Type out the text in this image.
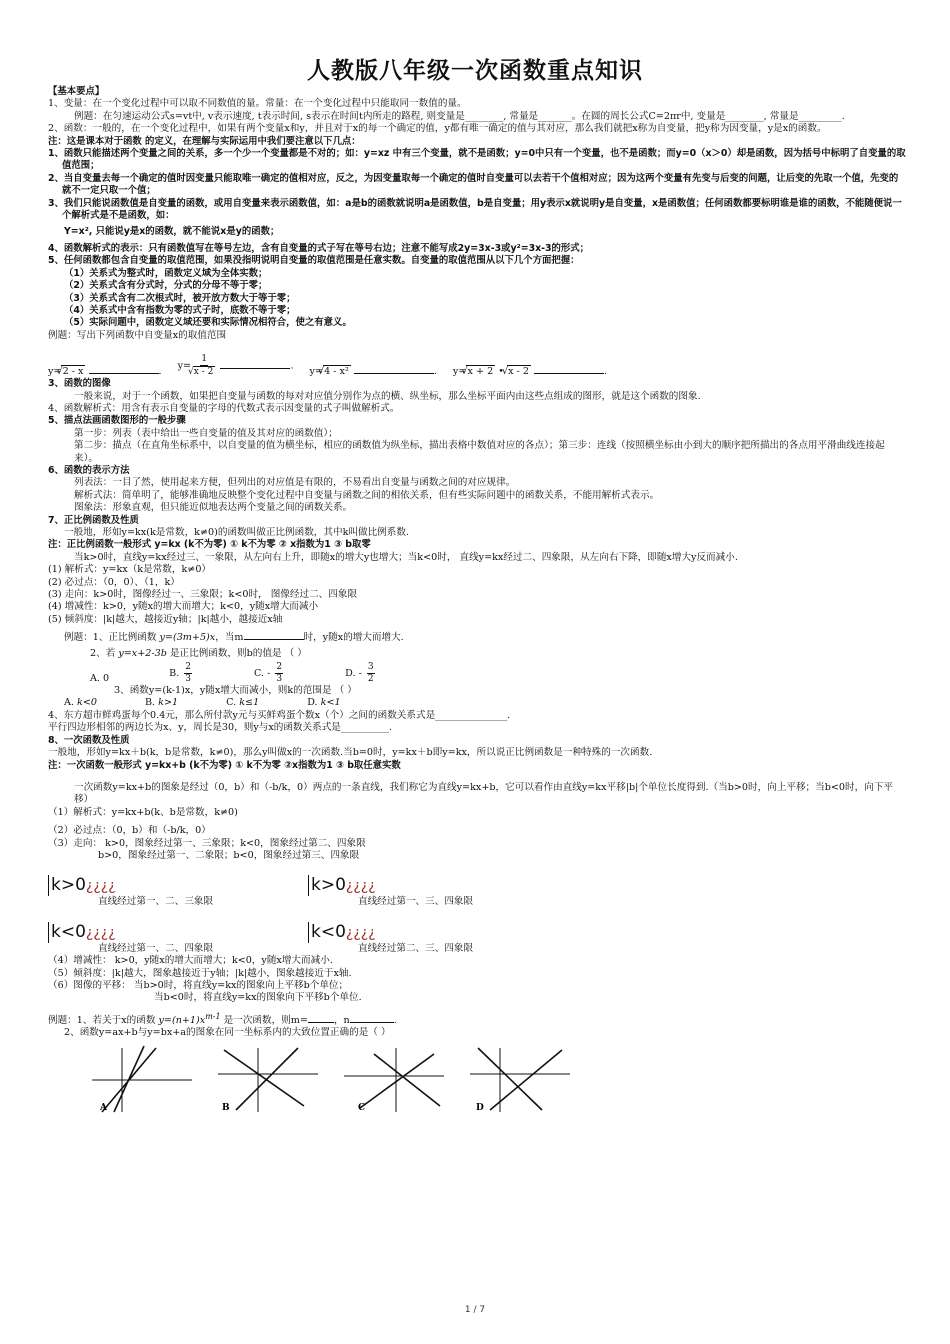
人教版八年级一次函数重点知识

【基本要点】

1、变量：在一个变化过程中可以取不同数值的量。常量：在一个变化过程中只能取同一数值的量。

例题：在匀速运动公式s=vt中, v表示速度, t表示时间, s表示在时间t内所走的路程, 则变量是________, 常量是_______。在圆的周长公式C=2πr中, 变量是________, 常量是_________.

2、函数：一般的，在一个变化过程中，如果有两个变量x和y，并且对于x的每一个确定的值，y都有唯一确定的值与其对应，那么我们就把x称为自变量，把y称为因变量，y是x的函数。

注：这是课本对于函数 的定义，在理解与实际运用中我们要注意以下几点：

1、函数只能描述两个变量之间的关系，多一个少一个变量都是不对的；如：y=xz 中有三个变量，就不是函数；y=0中只有一个变量，也不是函数；而y=0（x＞0）却是函数，因为括号中标明了自变量的取值范围；

2、当自变量去每一个确定的值时因变量只能取唯一确定的值相对应，反之，为因变量取每一个确定的值时自变量可以去若干个值相对应；因为这两个变量有先变与后变的问题，让后变的先取一个值，先变的就不一定只取一个值；

3、我们只能说函数值是自变量的函数，或用自变量来表示函数值，如：a是b的函数就说明a是函数值，b是自变量；用y表示x就说明y是自变量，x是函数值；任何函数都要标明谁是谁的函数，不能随便说一个解析式是不是函数，如：

Y=x², 只能说y是x的函数，就不能说x是y的函数；

4、函数解析式的表示：只有函数值写在等号左边，含有自变量的式子写在等号右边；注意不能写成2y=3x-3或y²=3x-3的形式；

5、任何函数都包含自变量的取值范围，如果没指明说明自变量的取值范围是任意实数。自变量的取值范围从以下几个方面把握：

（1）关系式为整式时，函数定义域为全体实数；

（2）关系式含有分式时，分式的分母不等于零；

（3）关系式含有二次根式时，被开放方数大于等于零；

（4）关系式中含有指数为零的式子时，底数不等于零；

（5）实际问题中，函数定义域还要和实际情况相符合，使之有意义。

例题：写出下列函数中自变量x的取值范围

y=√ 2 - x	. y= 1
√ x - 2	. y=√ 4 - x²	. y=√ x + 2 • √ x - 2	.

3、函数的图像

一般来说，对于一个函数，如果把自变量与函数的每对对应值分别作为点的横、纵坐标，那么坐标平面内由这些点组成的图形，就是这个函数的图象.

4、函数解析式：用含有表示自变量的字母的代数式表示因变量的式子叫做解析式。

5、描点法画函数图形的一般步骤

第一步：列表（表中给出一些自变量的值及其对应的函数值）；

第二步：描点（在直角坐标系中，以自变量的值为横坐标，相应的函数值为纵坐标，描出表格中数值对应的各点）；第三步：连线（按照横坐标由小到大的顺序把所描出的各点用平滑曲线连接起来）。

6、函数的表示方法

列表法：一目了然，使用起来方便，但列出的对应值是有限的，不易看出自变量与函数之间的对应规律。

解析式法：简单明了，能够准确地反映整个变化过程中自变量与函数之间的相依关系，但有些实际问题中的函数关系，不能用解析式表示。

图象法：形象直观，但只能近似地表达两个变量之间的函数关系。

7、正比例函数及性质

一般地，形如y=kx(k是常数，k≠0)的函数叫做正比例函数，其中k叫做比例系数.

注：正比例函数一般形式 y=kx (k不为零) ① k不为零 ② x指数为1 ③ b取零

当k>0时，直线y=kx经过三、一象限，从左向右上升，即随x的增大y也增大；当k<0时， 直线y=kx经过二、四象限，从左向右下降，即随x增大y反而减小.

(1) 解析式：y=kx（k是常数，k≠0）

(2) 必过点：（0，0）、（1，k）

(3) 走向：k>0时，图像经过一、三象限；k<0时， 图像经过二、四象限

(4) 增减性：k>0，y随x的增大而增大；k<0，y随x增大而减小

(5) 倾斜度：|k|越大，越接近y轴；|k|越小，越接近x轴

例题：1、正比例函数 y=(3m+5)x，当m	时，y随x的增大而增大.

2、若 y=x+2-3b 是正比例函数，则b的值是 （ ）

A. 0	B. $\frac{2}{3}$	C. - $\frac{2}{3}$	D. - $\frac{3}{2}$

3、函数y=(k-1)x，y随x增大而减小，则k的范围是 （ ）

A. k<0	B. k>1	C. k≤1	D. k<1

4、东方超市鲜鸡蛋每个0.4元，那么所付款y元与买鲜鸡蛋个数x（个）之间的函数关系式是_______________.

平行四边形相邻的两边长为x、y，周长是30，则y与x的函数关系式是__________.

8、一次函数及性质

一般地，形如y=kx＋b(k，b是常数，k≠0)，那么y叫做x的一次函数.当b=0时，y=kx＋b即y=kx，所以说正比例函数是一种特殊的一次函数.

注：一次函数一般形式 y=kx+b (k不为零) ① k不为零 ②x指数为1 ③ b取任意实数

一次函数y=kx+b的图象是经过（0，b）和（-b/k，0）两点的一条直线，我们称它为直线y=kx+b，它可以看作由直线y=kx平移|b|个单位长度得到.（当b>0时，向上平移；当b<0时，向下平移）

（1）解析式：y=kx+b(k、b是常数，k≠0)

（2）必过点：（0，b）和（-b/k，0）

（3）走向： k>0，图象经过第一、三象限；k<0，图象经过第二、四象限

b>0，图象经过第一、二象限；b<0，图象经过第三、四象限

k>0¿¿¿¿

直线经过第一、二、三象限

k<0¿¿¿¿

直线经过第一、二、四象限

k>0¿¿¿¿

直线经过第一、三、四象限

k<0¿¿¿¿

直线经过第二、三、四象限

（4）增减性： k>0，y随x的增大而增大；k<0，y随x增大而减小.

（5）倾斜度：|k|越大，图象越接近于y轴；|k|越小，图象越接近于x轴.

（6）图像的平移： 当b>0时，将直线y=kx的图象向上平移b个单位；

当b<0时，将直线y=kx的图象向下平移b个单位.

例题：1、若关于x的函数 $y=(n+1)x^{m-1}$ 是一次函数，则m=	，n	.

2、函数y=ax+b与y=bx+a的图象在同一坐标系内的大致位置正确的是（ ）

A	B	C	D
1 / 7
